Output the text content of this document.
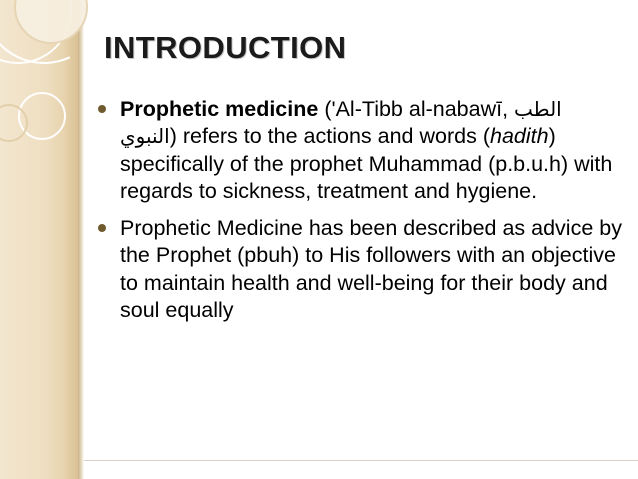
INTRODUCTION
Prophetic medicine ('Al-Tibb al-nabawī, الطب النبوي) refers to the actions and words (hadith) specifically of the prophet Muhammad (p.b.u.h) with regards to sickness, treatment and hygiene.
Prophetic Medicine has been described as advice by the Prophet (pbuh) to His followers with an objective to maintain health and well-being for their body and soul equally
